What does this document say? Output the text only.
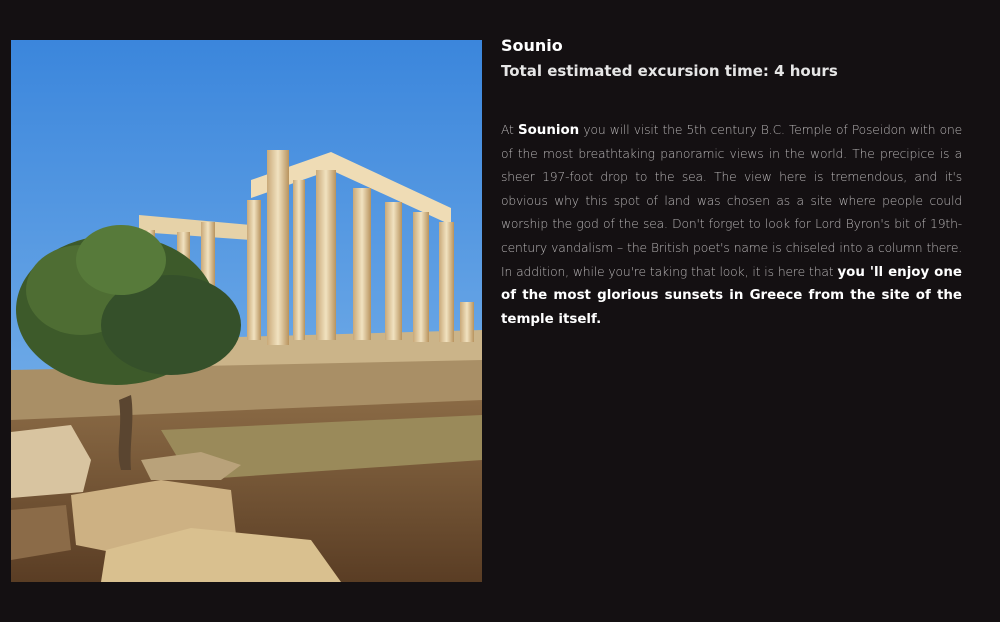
Sounio
Total estimated excursion time: 4 hours

At Sounion you will visit the 5th century B.C. Temple of Poseidon with one of the most breathtaking panoramic views in the world. The precipice is a sheer 197-foot drop to the sea. The view here is tremendous, and it's obvious why this spot of land was chosen as a site where people could worship the god of the sea. Don't forget to look for Lord Byron's bit of 19th-century vandalism – the British poet's name is chiseled into a column there. In addition, while you're taking that look, it is here that you 'll enjoy one of the most glorious sunsets in Greece from the site of the temple itself.
